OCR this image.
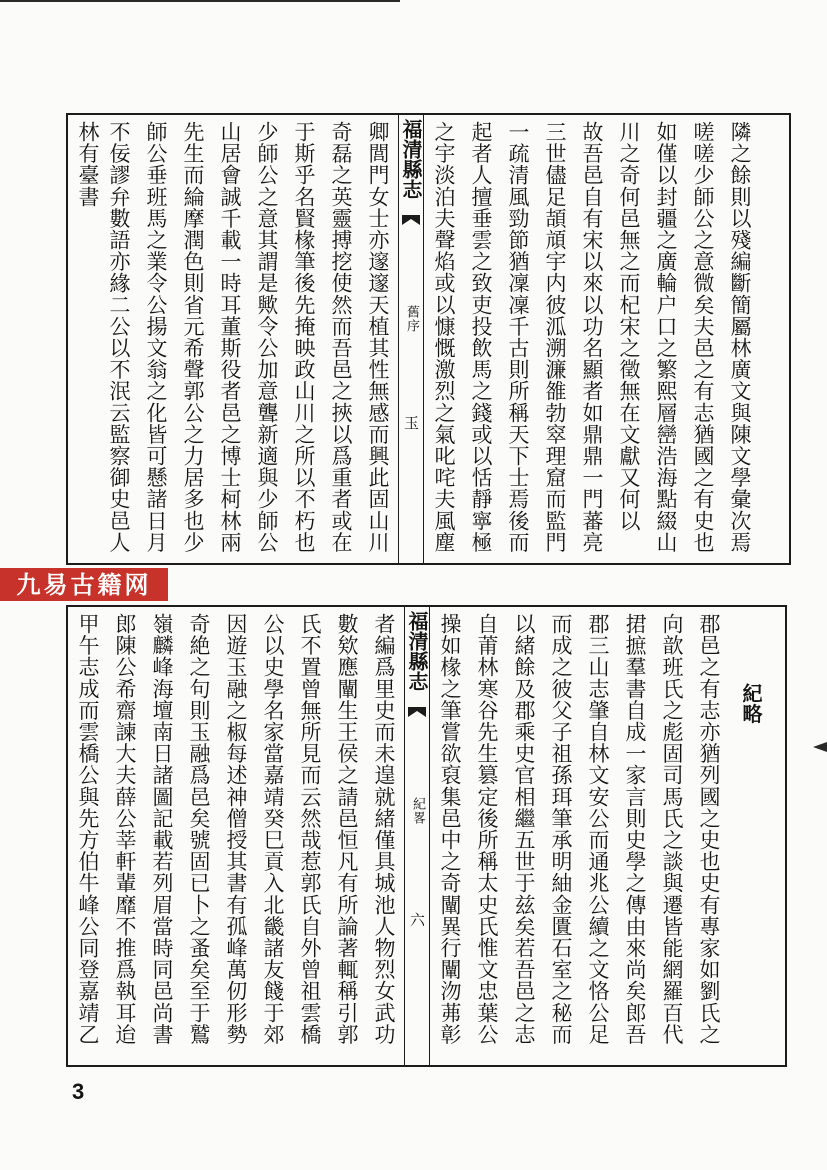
林有臺書 不佞謬弁數語亦緣二公以不泯云監察御史邑人 師公垂班馬之業令公揚文翁之化皆可懸諸日月 先生而綸摩潤色則省元希聲郭公之力居多也少 山居會誠千載一時耳董斯役者邑之博士柯林兩 少師公之意其謂是歟令公加意聾新適與少師公 于斯乎名賢椽筆後先掩映政山川之所以不朽也 奇磊之英靈搏挖使然而吾邑之挾以爲重者或在 卿閭門女士亦邃邃天植其性無感而興此固山川 福清縣志
舊序
玉 之宇淡泊夫聲焰或以慷慨激烈之氣叱咤夫風塵 起者人擅垂雲之致吏投飲馬之錢或以恬靜寧極 一疏清風勁節猶凜凜千古則所稱天下士焉後而 三世儘足頡頏宇内彼泒溯濂雒勃窣理窟而監門 故吾邑自有宋以來以功名顯者如鼎鼎一門蕃亮 川之奇何邑無之而杞宋之徵無在文獻又何以 如僅以封疆之廣輪户口之繁熙層巒浩海點綴山 嗟嗟少師公之意微矣夫邑之有志猶國之有史也 隣之餘則以殘編斷簡屬林廣文與陳文學彙次焉
九易古籍网
甲午志成而雲橋公與先方伯牛峰公同登嘉靖乙 郎陳公希齋諫大夫薛公莘軒輩靡不推爲執耳迨 嶺麟峰海壇南日諸圖記載若列眉當時同邑尚書 奇絶之句則玉融爲邑矣號固已卜之蚤矣至于鷲 因遊玉融之椒每述神僧授其書有孤峰萬仞形勢 公以史學名家當嘉靖癸巳貢入北畿諸友餞于郊 氏不置曾無所見而云然哉惹郭氏自外曾祖雲橋 數欸應闡生王侯之請邑恒凡有所論著輒稱引郭 者編爲里史而未遑就緒僅具城池人物烈女武功 福清縣志
紀畧
六 操如椽之筆嘗欲裒集邑中之奇闡異行闡沕茀彰 自莆林寒谷先生篡定後所稱太史氏惟文忠葉公 以緒餘及郡乘史官相繼五世于兹矣若吾邑之志 而成之彼父子祖孫珥筆承明紬金匱石室之秘而 郡三山志肇自林文安公而通兆公續之文恪公足 捃摭羣書自成一家言則史學之傳由來尚矣郎吾 向歆班氏之彪固司馬氏之談與遷皆能網羅百代 郡邑之有志亦猶列國之史也史有專家如劉氏之 紀略
3
